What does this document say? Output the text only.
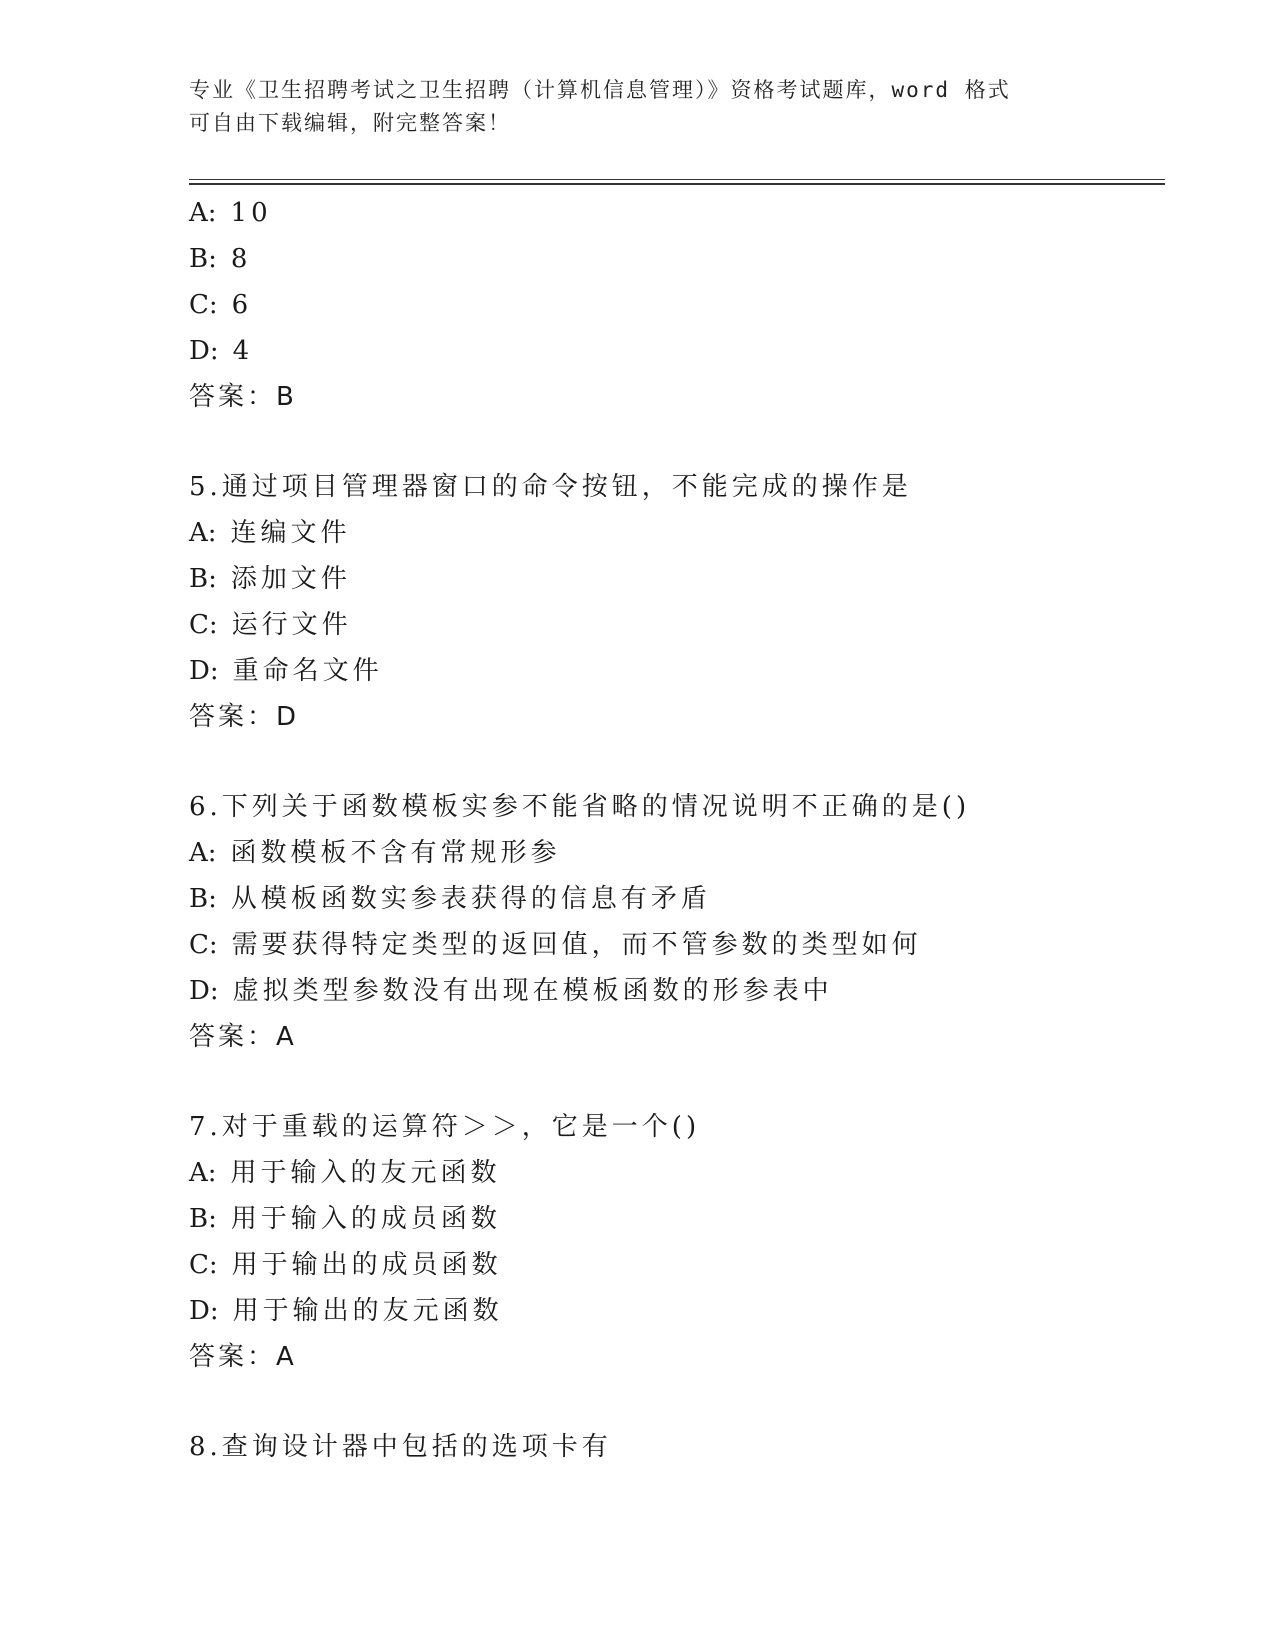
专业《卫生招聘考试之卫生招聘（计算机信息管理）》资格考试题库，word 格式
可自由下载编辑，附完整答案！
A: 10
B: 8
C: 6
D: 4
答案：B
5.通过项目管理器窗口的命令按钮，不能完成的操作是
A: 连编文件
B: 添加文件
C: 运行文件
D: 重命名文件
答案：D
6.下列关于函数模板实参不能省略的情况说明不正确的是()
A: 函数模板不含有常规形参
B: 从模板函数实参表获得的信息有矛盾
C: 需要获得特定类型的返回值，而不管参数的类型如何
D: 虚拟类型参数没有出现在模板函数的形参表中
答案：A
7.对于重载的运算符＞＞，它是一个()
A: 用于输入的友元函数
B: 用于输入的成员函数
C: 用于输出的成员函数
D: 用于输出的友元函数
答案：A
8.查询设计器中包括的选项卡有
